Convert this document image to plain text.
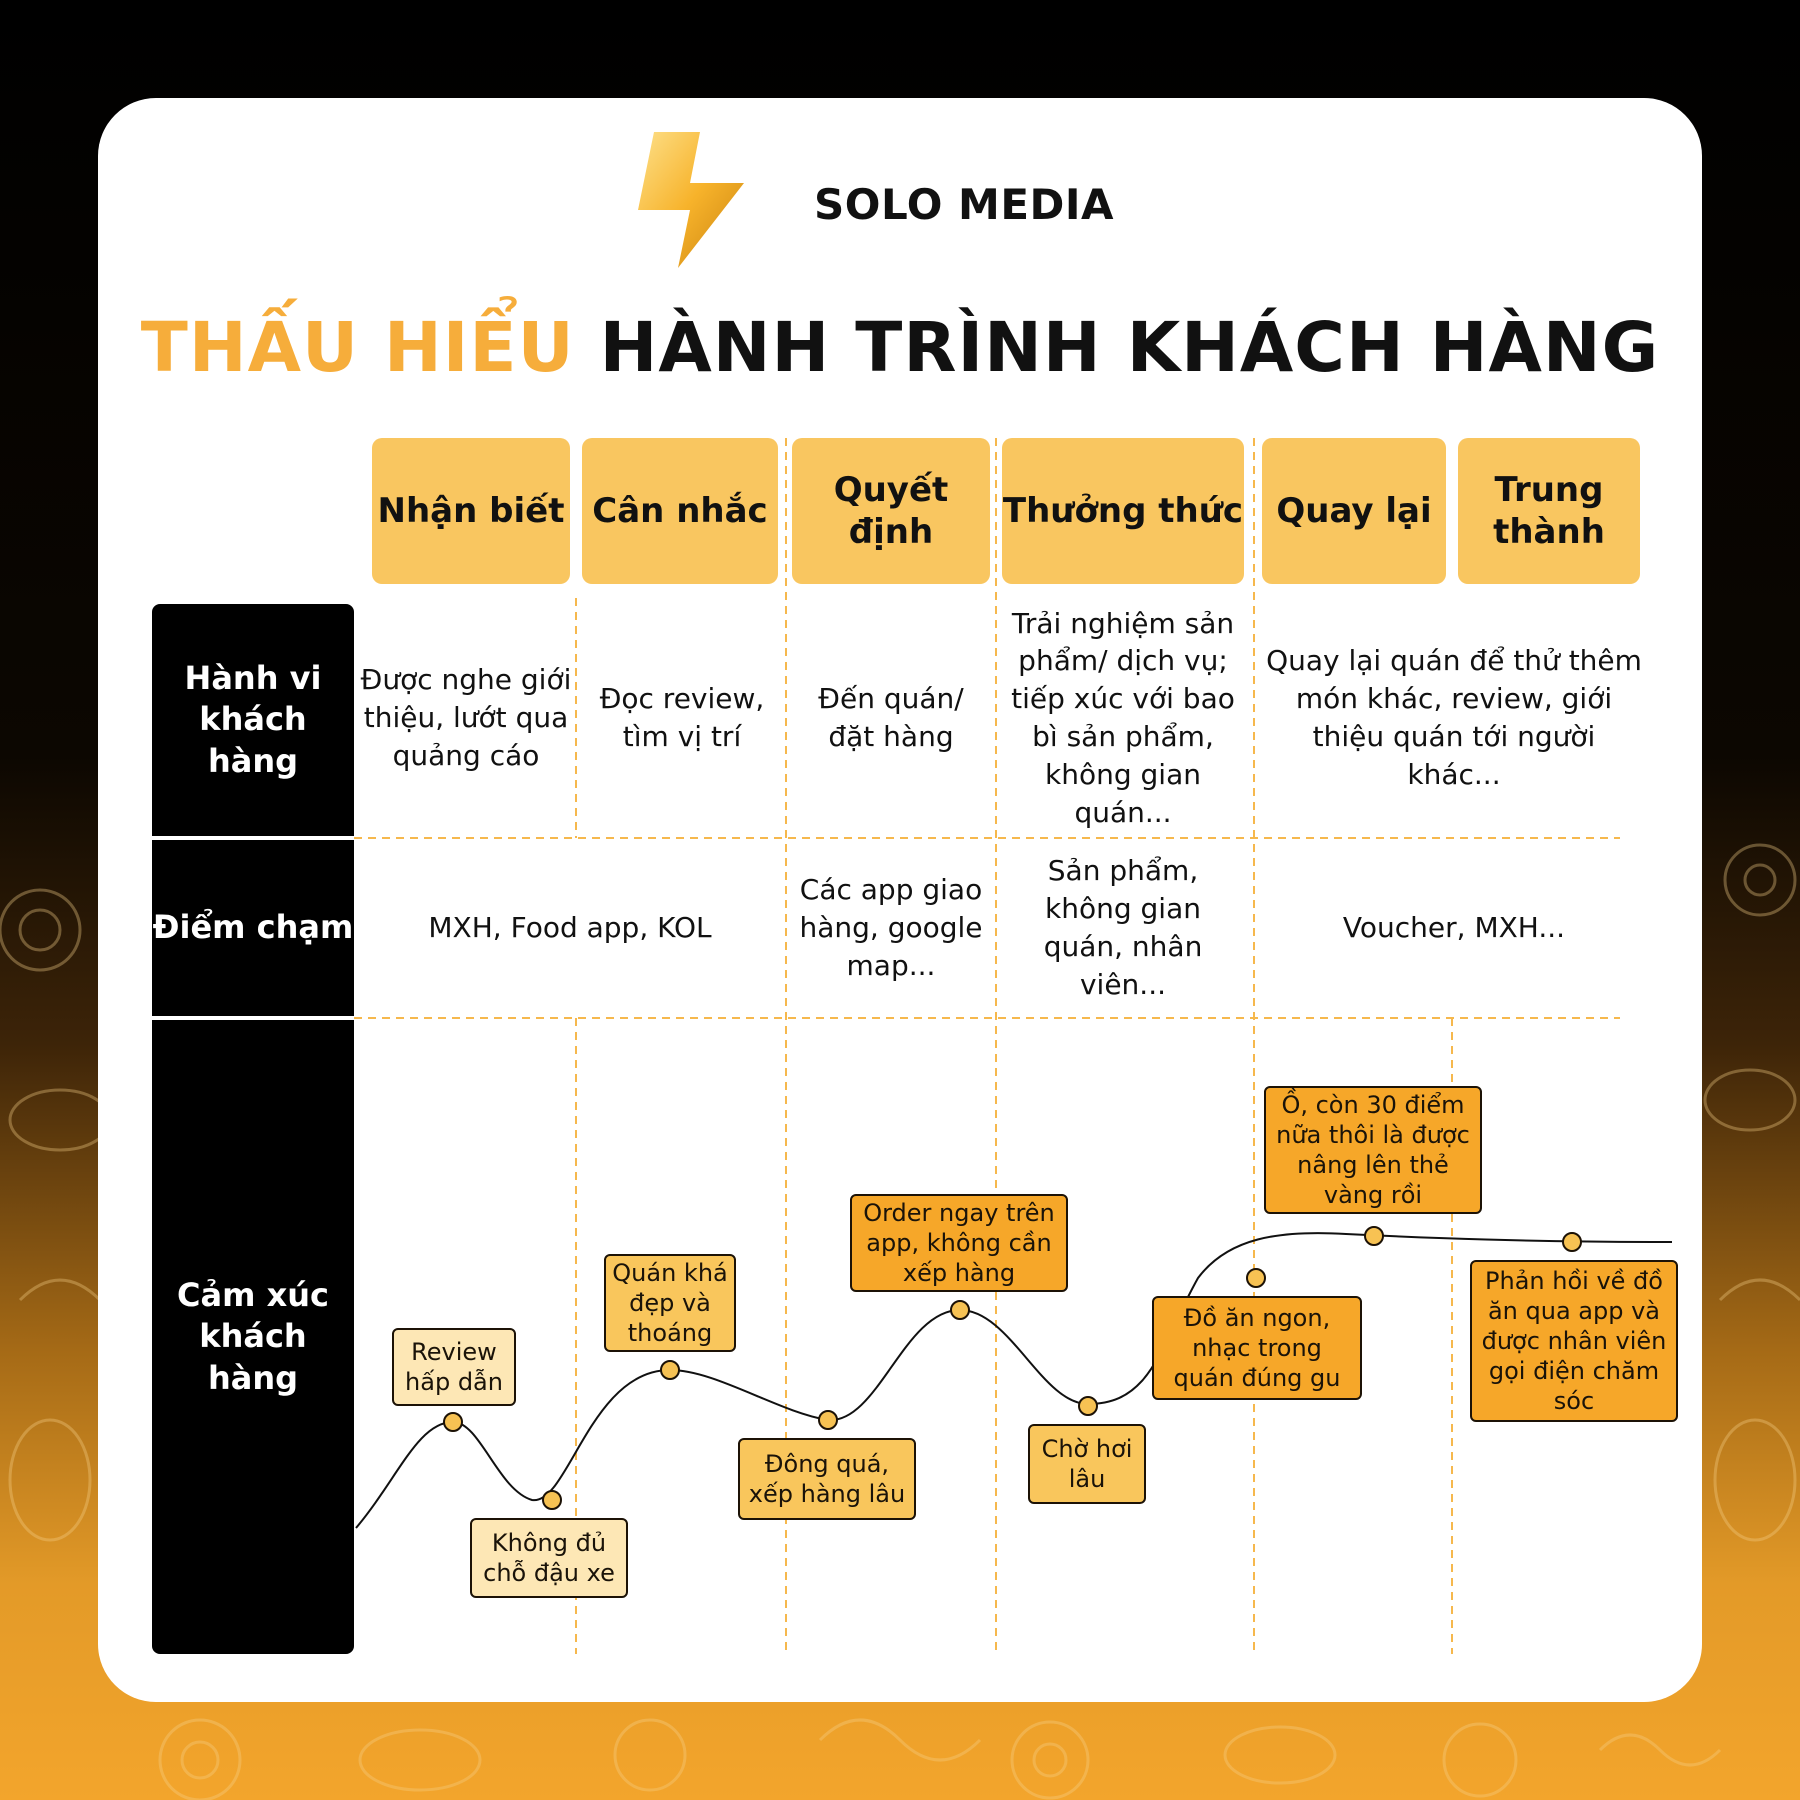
SOLO MEDIA
THẤU HIỂU HÀNH TRÌNH KHÁCH HÀNG
Nhận biết Cân nhắc
Quyết định
Thưởng thức Quay lại
Trung thành
Hành vi khách hàng
Điểm chạm
Cảm xúc khách hàng
Được nghe giới thiệu, lướt qua quảng cáo
Đọc review, tìm vị trí
Đến quán/ đặt hàng
Trải nghiệm sản phẩm/ dịch vụ; tiếp xúc với bao bì sản phẩm, không gian quán...
Quay lại quán để thử thêm món khác, review, giới thiệu quán tới người khác...
MXH, Food app, KOL
Các app giao hàng, google map...
Sản phẩm, không gian quán, nhân viên...
Voucher, MXH...
Review hấp dẫn
Không đủ chỗ đậu xe
Quán khá đẹp và thoáng
Đông quá, xếp hàng lâu
Order ngay trên app, không cần xếp hàng
Chờ hơi lâu
Đồ ăn ngon, nhạc trong quán đúng gu
Ồ, còn 30 điểm nữa thôi là được nâng lên thẻ vàng rồi
Phản hồi về đồ ăn qua app và được nhân viên gọi điện chăm sóc
